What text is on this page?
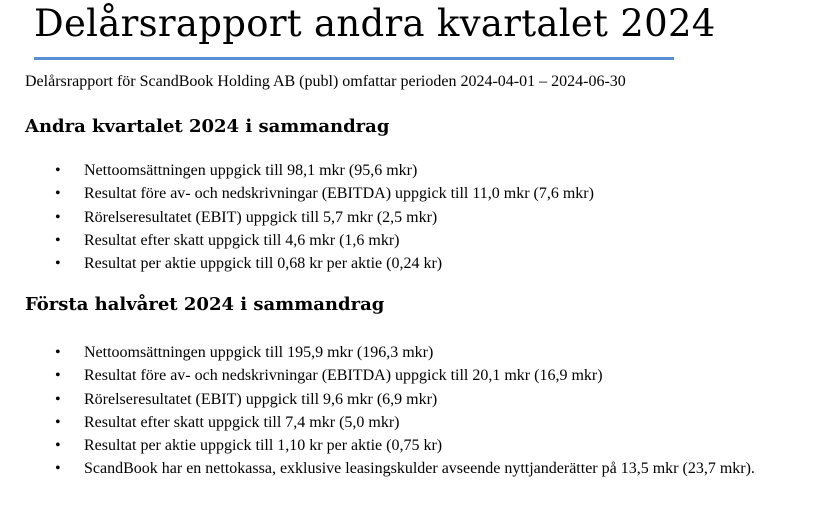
Delårsrapport andra kvartalet 2024

Delårsrapport för ScandBook Holding AB (publ) omfattar perioden 2024-04-01 – 2024-06-30

Andra kvartalet 2024 i sammandrag
• Nettoomsättningen uppgick till 98,1 mkr (95,6 mkr)
• Resultat före av- och nedskrivningar (EBITDA) uppgick till 11,0 mkr (7,6 mkr)
• Rörelseresultatet (EBIT) uppgick till 5,7 mkr (2,5 mkr)
• Resultat efter skatt uppgick till 4,6 mkr (1,6 mkr)
• Resultat per aktie uppgick till 0,68 kr per aktie (0,24 kr)
Första halvåret 2024 i sammandrag
• Nettoomsättningen uppgick till 195,9 mkr (196,3 mkr)
• Resultat före av- och nedskrivningar (EBITDA) uppgick till 20,1 mkr (16,9 mkr)
• Rörelseresultatet (EBIT) uppgick till 9,6 mkr (6,9 mkr)
• Resultat efter skatt uppgick till 7,4 mkr (5,0 mkr)
• Resultat per aktie uppgick till 1,10 kr per aktie (0,75 kr)
• ScandBook har en nettokassa, exklusive leasingskulder avseende nyttjanderätter på 13,5 mkr (23,7 mkr).
